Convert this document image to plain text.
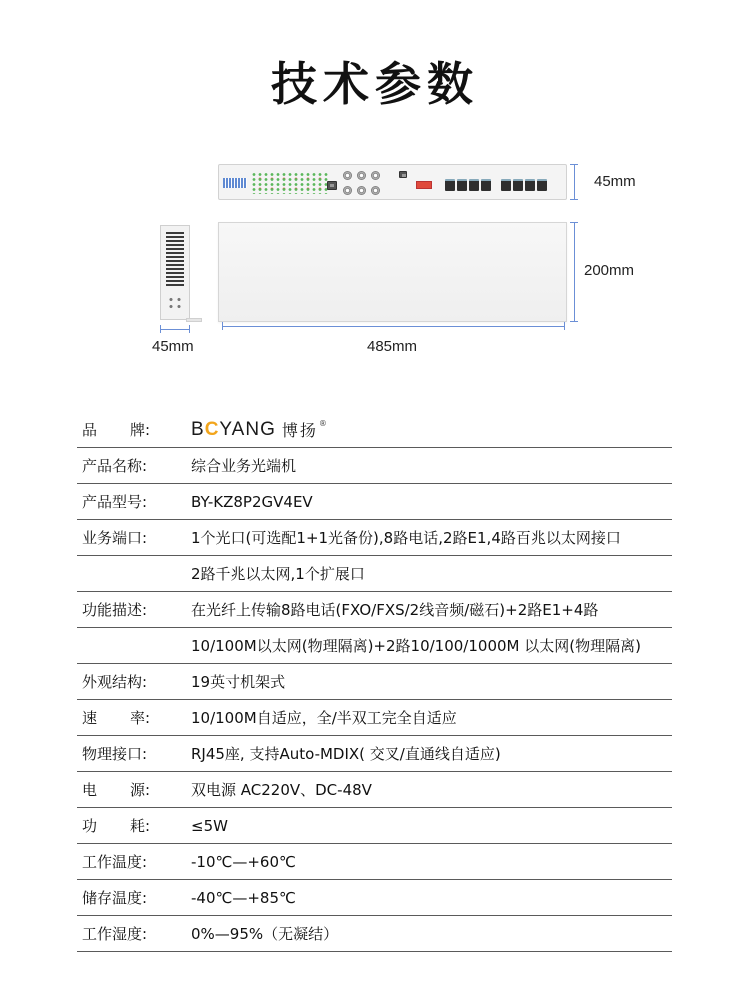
技术参数
45mm
45mm
200mm
485mm
品 牌: BCYANG 博扬 ®
产品名称:	综合业务光端机
产品型号:	BY-KZ8P2GV4EV
业务端口:	1个光口(可选配1+1光备份),8路电话,2路E1,4路百兆以太网接口
2路千兆以太网,1个扩展口
功能描述:	在光纤上传输8路电话(FXO/FXS/2线音频/磁石)+2路E1+4路
10/100M以太网(物理隔离)+2路10/100/1000M 以太网(物理隔离)
外观结构:	19英寸机架式
速 率:	10/100M自适应，全/半双工完全自适应
物理接口:	RJ45座, 支持Auto-MDIX( 交叉/直通线自适应)
电 源:	双电源 AC220V、DC-48V
功 耗:	≤5W
工作温度:	-10℃—+60℃
储存温度:	-40℃—+85℃
工作湿度:	0%—95%（无凝结）
